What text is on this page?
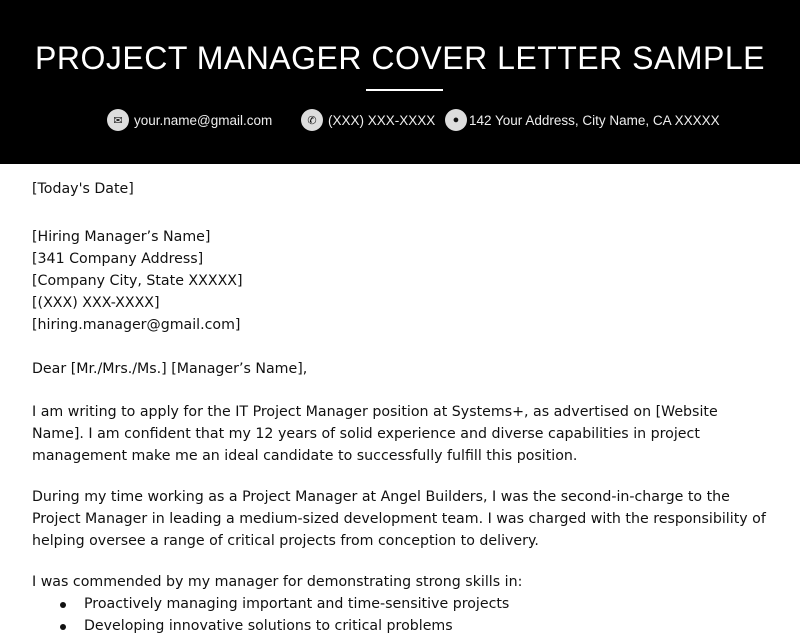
PROJECT MANAGER COVER LETTER SAMPLE
✉ your.name@gmail.com	✆ (XXX) XXX-XXXX	● 142 Your Address, City Name, CA XXXXX

[Today's Date]

[Hiring Manager’s Name]

[341 Company Address]

[Company City, State XXXXX]

[(XXX) XXX-XXXX]

[hiring.manager@gmail.com]

Dear [Mr./Mrs./Ms.] [Manager’s Name],

I am writing to apply for the IT Project Manager position at Systems+, as advertised on [Website Name]. I am confident that my 12 years of solid experience and diverse capabilities in project management make me an ideal candidate to successfully fulfill this position.

During my time working as a Project Manager at Angel Builders, I was the second-in-charge to the Project Manager in leading a medium-sized development team. I was charged with the responsibility of helping oversee a range of critical projects from conception to delivery.

I was commended by my manager for demonstrating strong skills in:

Proactively managing important and time-sensitive projects
Developing innovative solutions to critical problems
